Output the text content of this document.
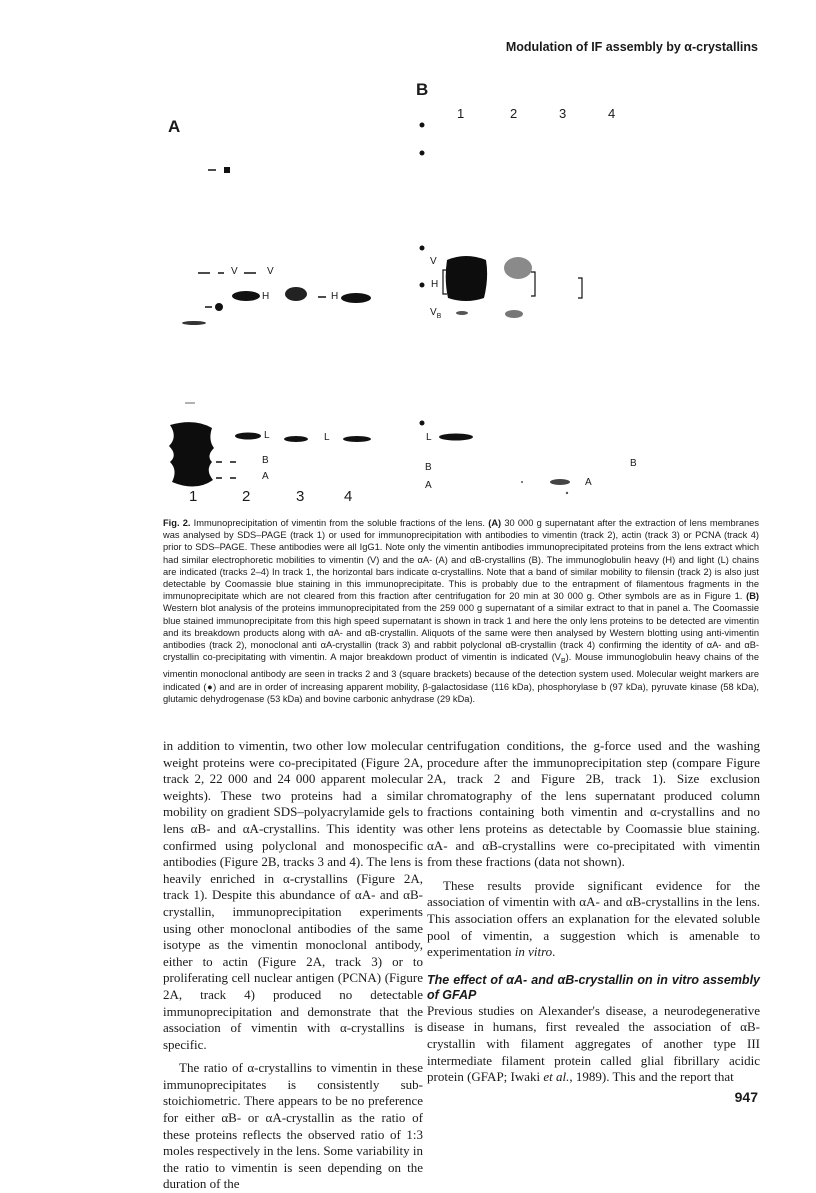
Modulation of IF assembly by α-crystallins
A
V	V
H	H
L	L
B
A
1	2	3	4
B
1	2	3	4
V
H
$V_B$
L
B
A	A
B
Fig. 2. Immunoprecipitation of vimentin from the soluble fractions of the lens. (A) 30 000 g supernatant after the extraction of lens membranes was analysed by SDS–PAGE (track 1) or used for immunoprecipitation with antibodies to vimentin (track 2), actin (track 3) or PCNA (track 4) prior to SDS–PAGE. These antibodies were all IgG1. Note only the vimentin antibodies immunoprecipitated proteins from the lens extract which had similar electrophoretic mobilities to vimentin (V) and the αA- (A) and αB-crystallins (B). The immunoglobulin heavy (H) and light (L) chains are indicated (tracks 2–4) In track 1, the horizontal bars indicate α-crystallins. Note that a band of similar mobility to filensin (track 2) is also just detectable by Coomassie blue staining in this immunoprecipitate. This is probably due to the entrapment of filamentous fragments in the immunoprecipitate which are not cleared from this fraction after centrifugation for 20 min at 30 000 g. Other symbols are as in Figure 1. (B) Western blot analysis of the proteins immunoprecipitated from the 259 000 g supernatant of a similar extract to that in panel a. The Coomassie blue stained immunoprecipitate from this high speed supernatant is shown in track 1 and here the only lens proteins to be detected are vimentin and its breakdown products along with αA- and αB-crystallin. Aliquots of the same were then analysed by Western blotting using anti-vimentin antibodies (track 2), monoclonal anti αA-crystallin (track 3) and rabbit polyclonal αB-crystallin (track 4) confirming the identity of αA- and αB-crystallin co-precipitating with vimentin. A major breakdown product of vimentin is indicated $(V_B)$. Mouse immunoglobulin heavy chains of the vimentin monoclonal antibody are seen in tracks 2 and 3 (square brackets) because of the detection system used. Molecular weight markers are indicated (●) and are in order of increasing apparent mobility, β-galactosidase (116 kDa), phosphorylase b (97 kDa), pyruvate kinase (58 kDa), glutamic dehydrogenase (53 kDa) and bovine carbonic anhydrase (29 kDa).

in addition to vimentin, two other low molecular weight proteins were co-precipitated (Figure 2A, track 2, 22 000 and 24 000 apparent molecular weights). These two proteins had a similar mobility on gradient SDS–polyacrylamide gels to lens αB- and αA-crystallins. This identity was confirmed using polyclonal and monospecific antibodies (Figure 2B, tracks 3 and 4). The lens is heavily enriched in α-crystallins (Figure 2A, track 1). Despite this abundance of αA- and αB-crystallin, immunoprecipitation experiments using other monoclonal antibodies of the same isotype as the vimentin monoclonal antibody, either to actin (Figure 2A, track 3) or to proliferating cell nuclear antigen (PCNA) (Figure 2A, track 4) produced no detectable immunoprecipitation and demonstrate that the association of vimentin with α-crystallins is specific.

The ratio of α-crystallins to vimentin in these immunoprecipitates is consistently sub-stoichiometric. There appears to be no preference for either αB- or αA-crystallin as the ratio of these proteins reflects the observed ratio of 1:3 moles respectively in the lens. Some variability in the ratio to vimentin is seen depending on the duration of the

centrifugation conditions, the g-force used and the washing procedure after the immunoprecipitation step (compare Figure 2A, track 2 and Figure 2B, track 1). Size exclusion chromatography of the lens supernatant produced column fractions containing both vimentin and α-crystallins and no other lens proteins as detectable by Coomassie blue staining. αA- and αB-crystallins were co-precipitated with vimentin from these fractions (data not shown).

These results provide significant evidence for the association of vimentin with αA- and αB-crystallins in the lens. This association offers an explanation for the elevated soluble pool of vimentin, a suggestion which is amenable to experimentation in vitro.

The effect of αA- and αB-crystallin on in vitro assembly of GFAP

Previous studies on Alexander's disease, a neurodegenerative disease in humans, first revealed the association of αB-crystallin with filament aggregates of another type III intermediate filament protein called glial fibrillary acidic protein (GFAP; Iwaki et al., 1989). This and the report that

947
